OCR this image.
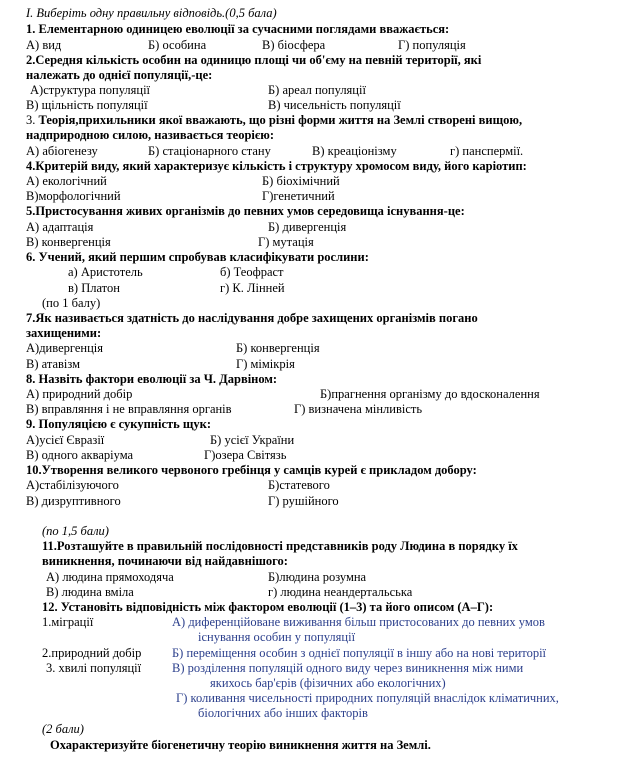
І. Виберіть одну правильну відповідь.(0,5 бала)
1. Елементарною одиницею еволюції за сучасними поглядами вважається:
А) вид	Б) особина	В) біосфера	Г) популяція
2.Середня кількість особин на одиницю площі чи об'єму на певній території, які
належать до однієї популяції,-це:
А)структура популяції	Б) ареал популяції
В) щільність популяції	В) чисельність популяції
3. Теорія,прихильники якої вважають, що різні форми життя на Землі створені вищою,
надприродною силою, називається теорією:
А) абіогенезу	Б) стаціонарного стану	В) креаціонізму	г) панспермії.
4.Критерій виду, який характеризує кількість і структуру хромосом виду, його каріотип:
А) екологічний	Б) біохімічний
В)морфологічний	Г)генетичний
5.Пристосування живих організмів до певних умов середовища існування-це:
А) адаптація	Б) дивергенція
В) конвергенція	Г) мутація
6. Учений, який першим спробував класифікувати рослини:
а) Аристотель	б) Теофраст
в) Платон	г) К. Лінней
(по 1 балу)
7.Як називається здатність до наслідування добре захищених організмів погано
захищеними:
А)дивергенція	Б) конвергенція
В) атавізм	Г) мімікрія
8. Назвіть фактори еволюції за Ч. Дарвіном:
А) природний добір	Б)прагнення організму до вдосконалення
В) вправляння і не вправляння органів	Г) визначена мінливість
9. Популяцією є сукупність щук:
А)усієї Євразії	Б) усієї України
В) одного акваріума	Г)озера Світязь
10.Утворення великого червоного гребінця у самців курей є прикладом добору:
А)стабілізуючого	Б)статевого
В) дизруптивного	Г) рушійного
(по 1,5 бали)
11.Розташуйте в правильній послідовності представників роду Людина в порядку їх
виникнення, починаючи від найдавнішого:
А) людина прямоходяча	Б)людина розумна
В) людина вміла	г) людина неандертальська
12. Установіть відповідність між фактором еволюції (1–3) та його описом (А–Г):
1.міграції	А) диференційоване виживання більш пристосованих до певних умов
існування особин у популяції
2.природний добір Б) переміщення особин з однієї популяції в іншу або на нові території
3. хвилі популяції В) розділення популяцій одного виду через виникнення між ними
якихось бар'єрів (фізичних або екологічних)
Г) коливання чисельності природних популяцій внаслідок кліматичних,
біологічних або інших факторів
(2 бали)
Охарактеризуйте біогенетичну теорію виникнення життя на Землі.
